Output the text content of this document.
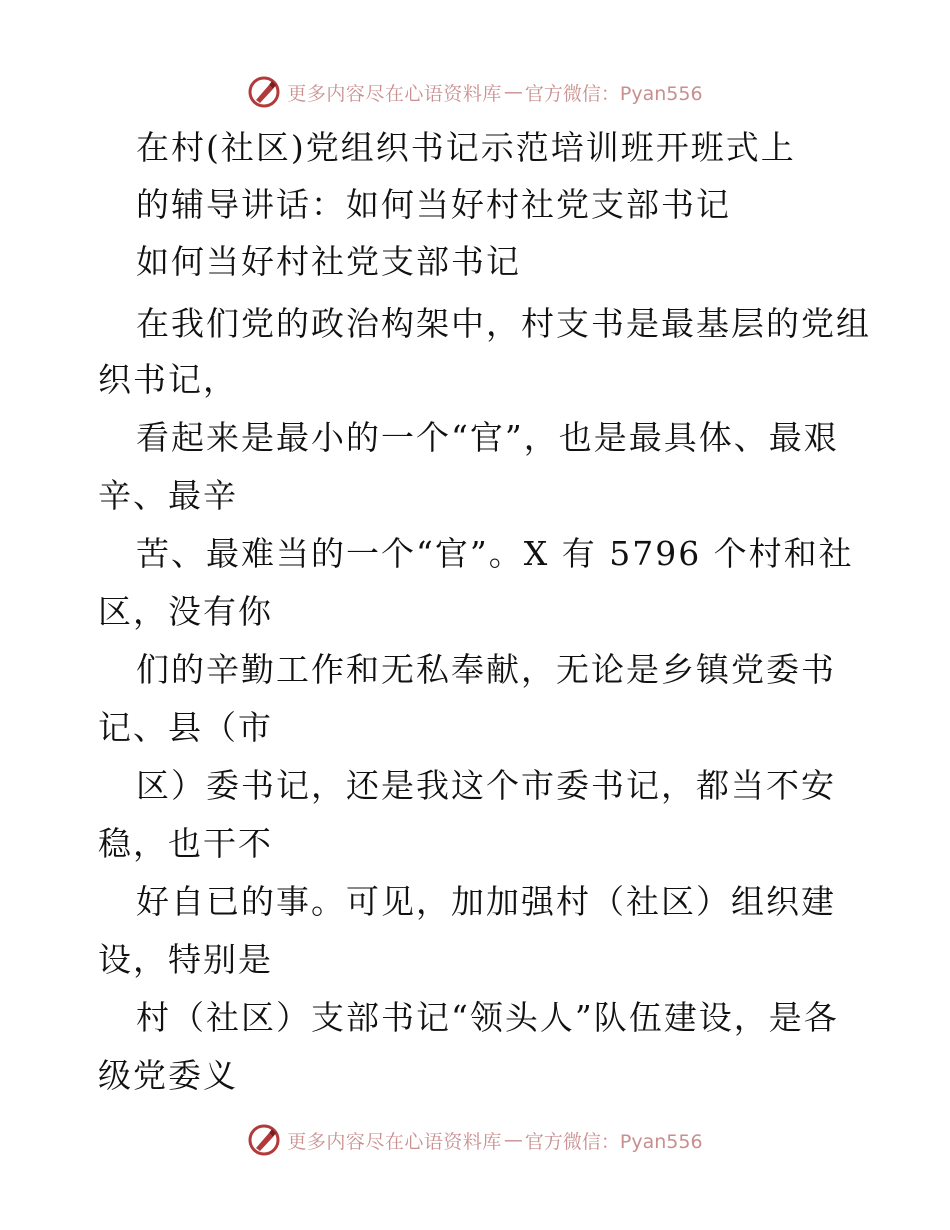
更多内容尽在心语资料库 — 官方微信：Pyan556
在村(社区)党组织书记示范培训班开班式上
的辅导讲话：如何当好村社党支部书记
如何当好村社党支部书记
在我们党的政治构架中，村支书是最基层的党组
织书记，
看起来是最小的一个“官”，也是最具体、最艰
辛、最辛
苦、最难当的一个“官”。X 有 5796 个村和社
区，没有你
们的辛勤工作和无私奉献，无论是乡镇党委书
记、县（市
区）委书记，还是我这个市委书记，都当不安
稳，也干不
好自已的事。可见，加加强村（社区）组织建
设，特别是
村（社区）支部书记“领头人”队伍建设，是各
级党委义
更多内容尽在心语资料库 — 官方微信：Pyan556
